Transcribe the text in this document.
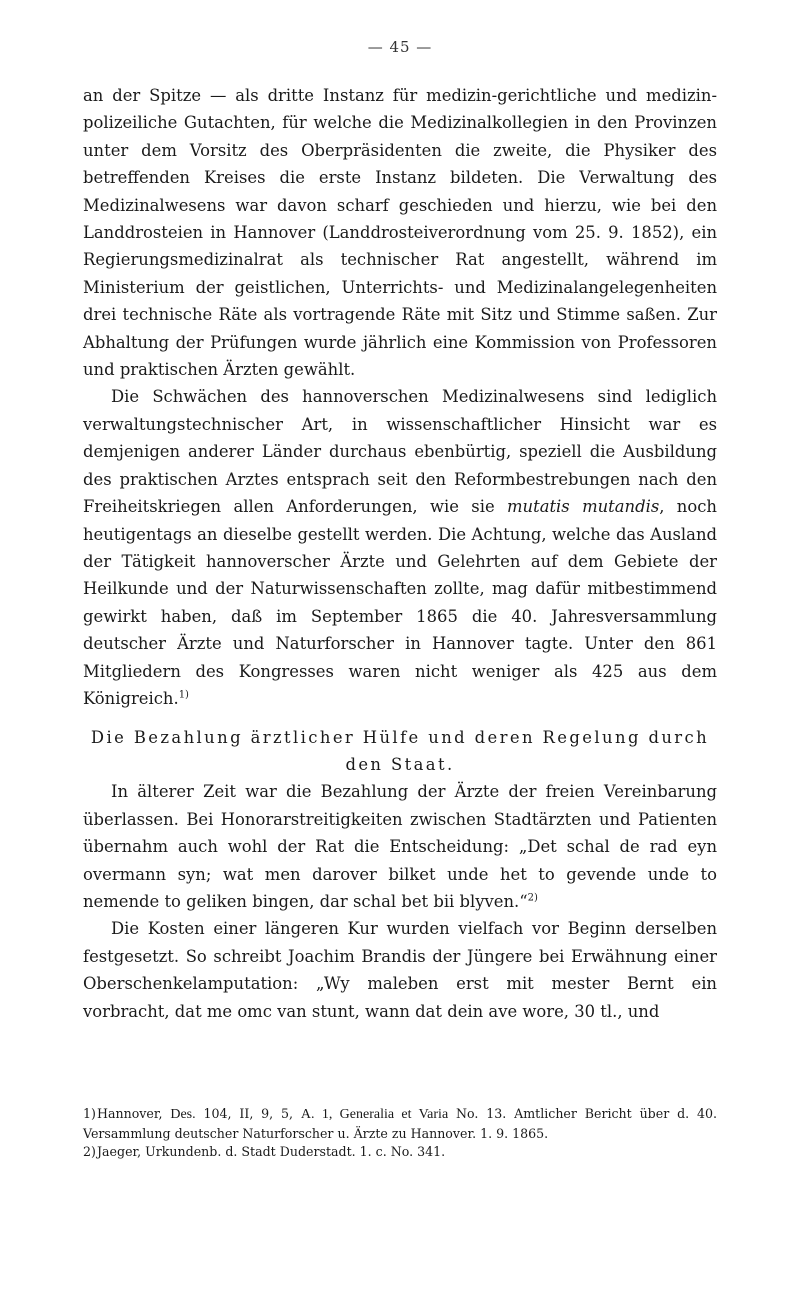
— 45 —

an der Spitze — als dritte Instanz für medizin-gerichtliche und medizin-polizeiliche Gutachten, für welche die Medizinalkollegien in den Provinzen unter dem Vorsitz des Oberpräsidenten die zweite, die Physiker des betreffenden Kreises die erste Instanz bildeten. Die Verwaltung des Medizinalwesens war davon scharf geschieden und hierzu, wie bei den Landdrosteien in Hannover (Landdrosteiverordnung vom 25. 9. 1852), ein Regierungsmedizinalrat als technischer Rat angestellt, während im Ministerium der geistlichen, Unterrichts- und Medizinalangelegenheiten drei technische Räte als vortragende Räte mit Sitz und Stimme saßen. Zur Abhaltung der Prüfungen wurde jährlich eine Kommission von Professoren und praktischen Ärzten gewählt.

Die Schwächen des hannoverschen Medizinalwesens sind lediglich verwaltungstechnischer Art, in wissenschaftlicher Hinsicht war es demjenigen anderer Länder durchaus ebenbürtig, speziell die Ausbildung des praktischen Arztes entsprach seit den Reformbestrebungen nach den Freiheitskriegen allen Anforderungen, wie sie mutatis mutandis, noch heutigentags an dieselbe gestellt werden. Die Achtung, welche das Ausland der Tätigkeit hannoverscher Ärzte und Gelehrten auf dem Gebiete der Heilkunde und der Naturwissenschaften zollte, mag dafür mitbestimmend gewirkt haben, daß im September 1865 die 40. Jahresversammlung deutscher Ärzte und Naturforscher in Hannover tagte. Unter den 861 Mitgliedern des Kongresses waren nicht weniger als 425 aus dem Königreich.$^{1)}$

Die Bezahlung ärztlicher Hülfe und deren Regelung durch
den Staat.

In älterer Zeit war die Bezahlung der Ärzte der freien Vereinbarung überlassen. Bei Honorarstreitigkeiten zwischen Stadtärzten und Patienten übernahm auch wohl der Rat die Entscheidung: „Det schal de rad eyn overmann syn; wat men darover bilket unde het to gevende unde to nemende to geliken bingen, dar schal bet bii blyven.“$^{2)}$

Die Kosten einer längeren Kur wurden vielfach vor Beginn derselben festgesetzt. So schreibt Joachim Brandis der Jüngere bei Erwähnung einer Oberschenkelamputation: „Wy maleben erst mit mester Bernt ein vorbracht, dat me omc van stunt, wann dat dein ave wore, 30 tl., und

1)Hannover, Des. 104, II, 9, 5, A. 1, Generalia et Varia No. 13. Amtlicher Bericht über d. 40. Versammlung deutscher Naturforscher u. Ärzte zu Hannover. 1. 9. 1865.

2)Jaeger, Urkundenb. d. Stadt Duderstadt. 1. c. No. 341.
